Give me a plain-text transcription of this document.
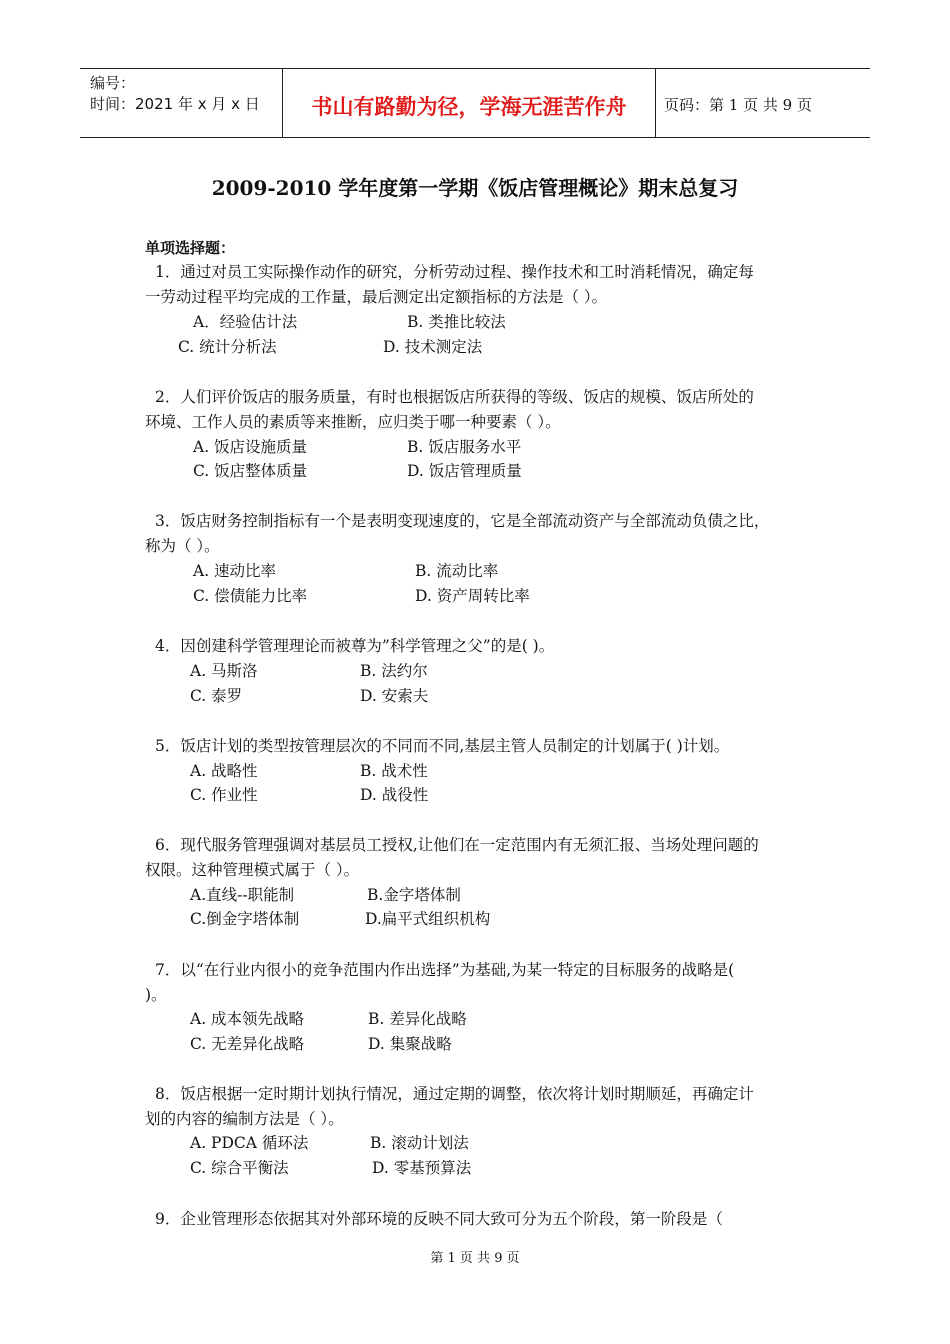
编号：
时间：2021 年 x 月 x 日	书山有路勤为径，学海无涯苦作舟	页码：第 1 页 共 9 页
2009-2010 学年度第一学期《饭店管理概论》期末总复习
单项选择题：
1．通过对员工实际操作动作的研究，分析劳动过程、操作技术和工时消耗情况，确定每
一劳动过程平均完成的工作量，最后测定出定额指标的方法是（ ）。
A．经验估计法	B. 类推比较法
C. 统计分析法	D. 技术测定法
2．人们评价饭店的服务质量，有时也根据饭店所获得的等级、饭店的规模、饭店所处的
环境、工作人员的素质等来推断，应归类于哪一种要素（ ）。
A. 饭店设施质量	B. 饭店服务水平
C. 饭店整体质量	D. 饭店管理质量
3．饭店财务控制指标有一个是表明变现速度的，它是全部流动资产与全部流动负债之比，
称为（ ）。
A. 速动比率	B. 流动比率
C. 偿债能力比率	D. 资产周转比率
4．因创建科学管理理论而被尊为”科学管理之父”的是( )。
A. 马斯洛	B. 法约尔
C. 泰罗	D. 安索夫
5．饭店计划的类型按管理层次的不同而不同,基层主管人员制定的计划属于( )计划。
A. 战略性	B. 战术性
C. 作业性	D. 战役性
6．现代服务管理强调对基层员工授权,让他们在一定范围内有无须汇报、当场处理问题的
权限。这种管理模式属于（ ）。
A.直线--职能制	B.金字塔体制
C.倒金字塔体制	D.扁平式组织机构
7．以“在行业内很小的竞争范围内作出选择”为基础,为某一特定的目标服务的战略是(
)。
A. 成本领先战略	B. 差异化战略
C. 无差异化战略	D. 集聚战略
8．饭店根据一定时期计划执行情况，通过定期的调整，依次将计划时期顺延，再确定计
划的内容的编制方法是（ ）。
A. PDCA 循环法	B. 滚动计划法
C. 综合平衡法	D. 零基预算法
9．企业管理形态依据其对外部环境的反映不同大致可分为五个阶段，第一阶段是（
第 1 页 共 9 页
